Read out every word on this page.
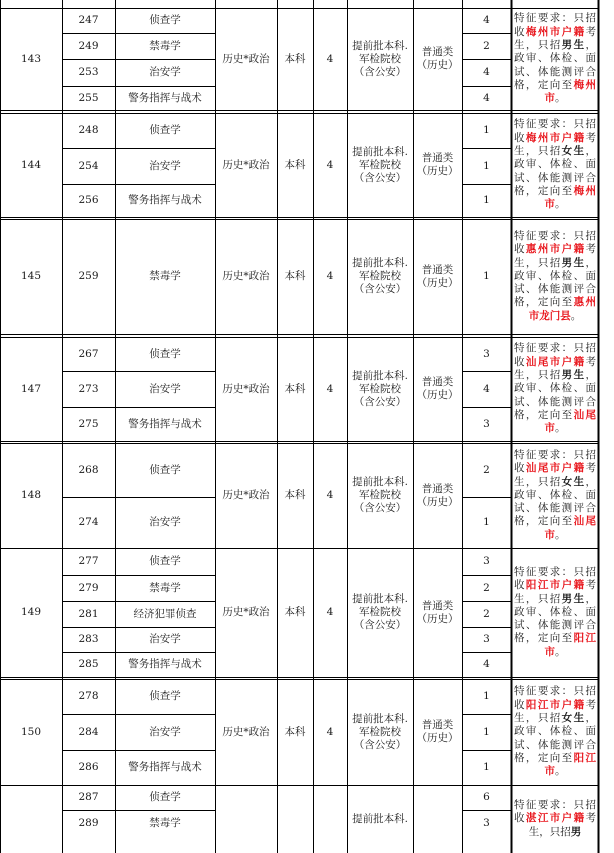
143	历史*政治 本科 4
提前批本科.
军检院校
（含公安）
普通类
（历史）
247	侦查学	4
249	禁毒学	2
253	治安学	4
255	警务指挥与战术	4
特征要求：只招收梅州市户籍考生，只招男生，政审、体检、面试、体能测评合格，定向至梅州市。
144	历史*政治 本科 4
提前批本科.
军检院校
（含公安）
普通类
（历史）
248	侦查学	1
254	治安学	1
256	警务指挥与战术	1
特征要求：只招收梅州市户籍考生，只招女生，政审、体检、面试、体能测评合格，定向至梅州市。
145	历史*政治 本科 4
提前批本科.
军检院校
（含公安）
普通类
（历史）
259	禁毒学	1
特征要求：只招收惠州市户籍考生，只招男生，政审、体检、面试、体能测评合格，定向至惠州市龙门县。
147	历史*政治 本科 4
提前批本科.
军检院校
（含公安）
普通类
（历史）
267	侦查学	3
273	治安学	4
275	警务指挥与战术	3
特征要求：只招收汕尾市户籍考生，只招男生，政审、体检、面试、体能测评合格，定向至汕尾市。
148	历史*政治 本科 4
提前批本科.
军检院校
（含公安）
普通类
（历史）
268	侦查学	2
274	治安学	1
特征要求：只招收汕尾市户籍考生，只招女生，政审、体检、面试、体能测评合格，定向至汕尾市。
149	历史*政治 本科 4
提前批本科.
军检院校
（含公安）
普通类
（历史）
277	侦查学	3
279	禁毒学	2
281	经济犯罪侦查	2
283	治安学	3
285	警务指挥与战术	4
特征要求：只招收阳江市户籍考生，只招男生，政审、体检、面试、体能测评合格，定向至阳江市。
150	历史*政治 本科 4
提前批本科.
军检院校
（含公安）
普通类
（历史）
278	侦查学	1
284	治安学	1
286	警务指挥与战术	1
特征要求：只招收阳江市户籍考生，只招女生，政审、体检、面试、体能测评合格，定向至阳江市。
提前批本科.
287	侦查学	6
289	禁毒学	3
特征要求：只招收湛江市户籍考生，只招男
